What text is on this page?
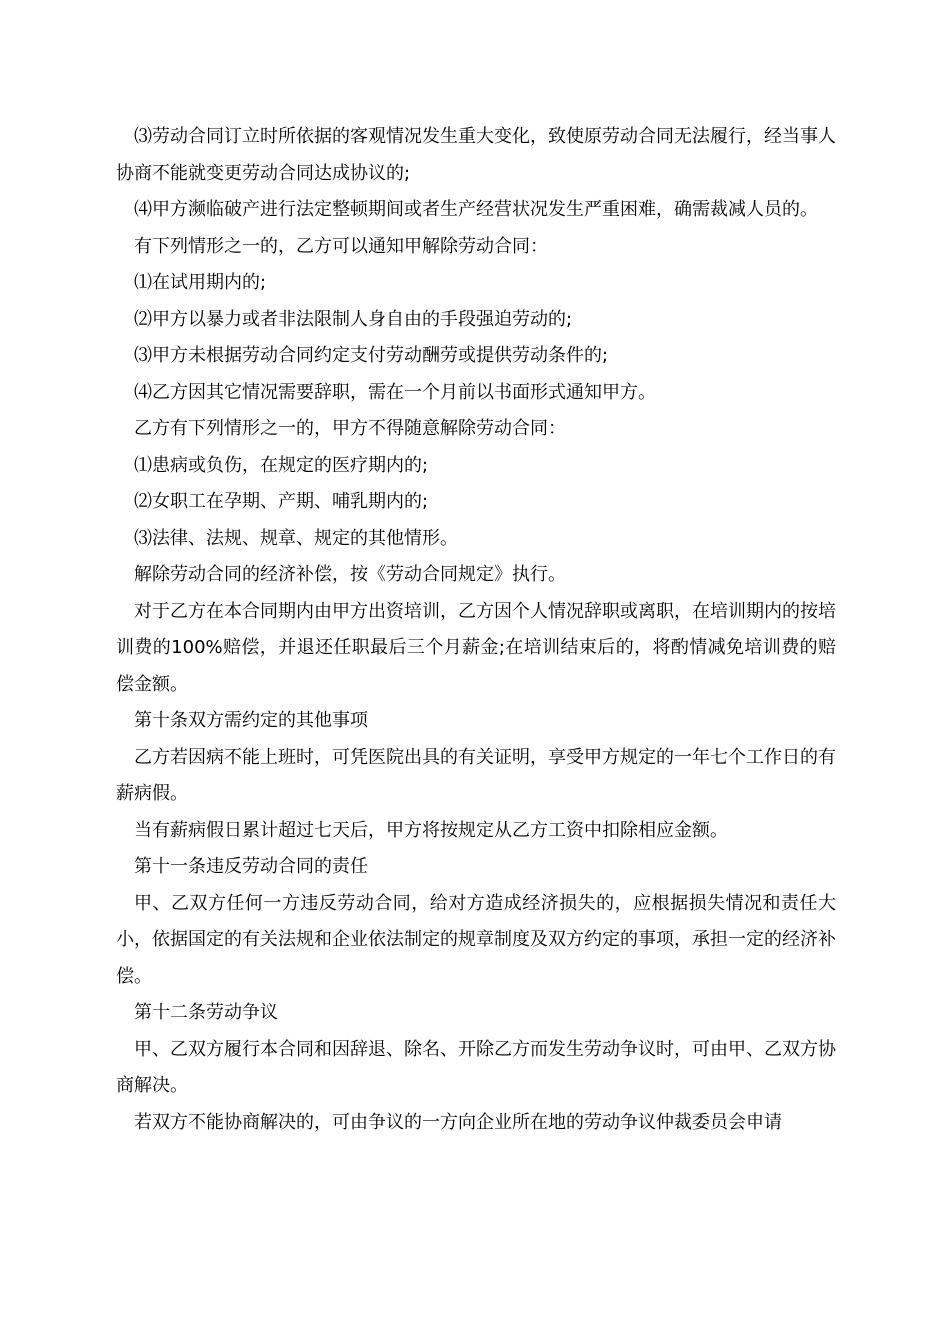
⑶劳动合同订立时所依据的客观情况发生重大变化，致使原劳动合同无法履行，经当事人协商不能就变更劳动合同达成协议的;

⑷甲方濒临破产进行法定整顿期间或者生产经营状况发生严重困难，确需裁减人员的。

有下列情形之一的，乙方可以通知甲解除劳动合同：

⑴在试用期内的;

⑵甲方以暴力或者非法限制人身自由的手段强迫劳动的;

⑶甲方未根据劳动合同约定支付劳动酬劳或提供劳动条件的;

⑷乙方因其它情况需要辞职，需在一个月前以书面形式通知甲方。

乙方有下列情形之一的，甲方不得随意解除劳动合同：

⑴患病或负伤，在规定的医疗期内的;

⑵女职工在孕期、产期、哺乳期内的;

⑶法律、法规、规章、规定的其他情形。

解除劳动合同的经济补偿，按《劳动合同规定》执行。

对于乙方在本合同期内由甲方出资培训，乙方因个人情况辞职或离职，在培训期内的按培训费的100%赔偿，并退还任职最后三个月薪金;在培训结束后的，将酌情减免培训费的赔偿金额。

第十条双方需约定的其他事项

乙方若因病不能上班时，可凭医院出具的有关证明，享受甲方规定的一年七个工作日的有薪病假。

当有薪病假日累计超过七天后，甲方将按规定从乙方工资中扣除相应金额。

第十一条违反劳动合同的责任

甲、乙双方任何一方违反劳动合同，给对方造成经济损失的，应根据损失情况和责任大小，依据国定的有关法规和企业依法制定的规章制度及双方约定的事项，承担一定的经济补偿。

第十二条劳动争议

甲、乙双方履行本合同和因辞退、除名、开除乙方而发生劳动争议时，可由甲、乙双方协商解决。

若双方不能协商解决的，可由争议的一方向企业所在地的劳动争议仲裁委员会申请
